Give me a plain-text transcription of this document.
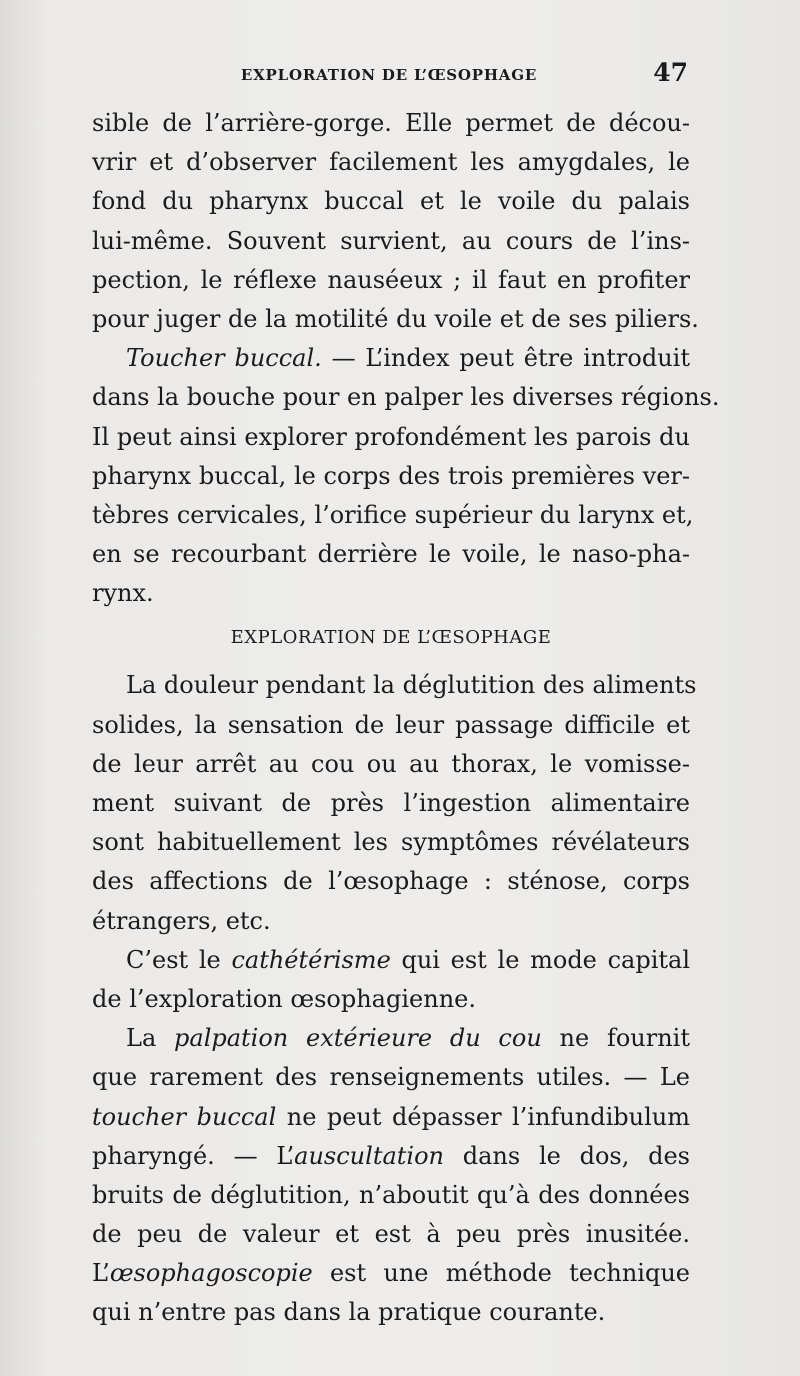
EXPLORATION DE L’ŒSOPHAGE	47
sible de l’arrière-gorge. Elle permet de décou-
vrir et d’observer facilement les amygdales, le
fond du pharynx buccal et le voile du palais
lui-même. Souvent survient, au cours de l’ins-
pection, le réflexe nauséeux ; il faut en profiter
pour juger de la motilité du voile et de ses piliers.
Toucher buccal. — L’index peut être introduit
dans la bouche pour en palper les diverses régions.
Il peut ainsi explorer profondément les parois du
pharynx buccal, le corps des trois premières ver-
tèbres cervicales, l’orifice supérieur du larynx et,
en se recourbant derrière le voile, le naso-pha-
rynx.
EXPLORATION DE L’ŒSOPHAGE
La douleur pendant la déglutition des aliments
solides, la sensation de leur passage difficile et
de leur arrêt au cou ou au thorax, le vomisse-
ment suivant de près l’ingestion alimentaire
sont habituellement les symptômes révélateurs
des affections de l’œsophage : sténose, corps
étrangers, etc.
C’est le cathétérisme qui est le mode capital
de l’exploration œsophagienne.
La palpation extérieure du cou ne fournit
que rarement des renseignements utiles. — Le
toucher buccal ne peut dépasser l’infundibulum
pharyngé. — L’auscultation dans le dos, des
bruits de déglutition, n’aboutit qu’à des données
de peu de valeur et est à peu près inusitée.
L’œsophagoscopie est une méthode technique
qui n’entre pas dans la pratique courante.
